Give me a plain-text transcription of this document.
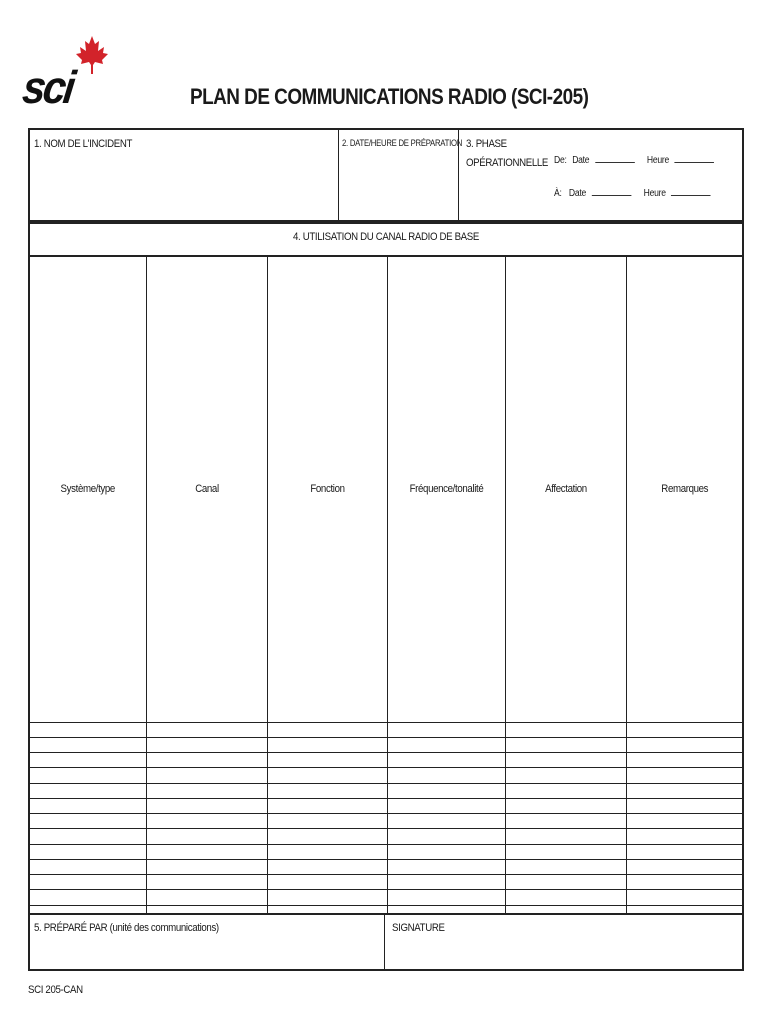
sci	PLAN DE COMMUNICATIONS RADIO (SCI-205)
1. NOM DE L'INCIDENT	2. DATE/HEURE DE PRÉPARATION 3. PHASE
OPÉRATIONNELLE De: Date	Heure
À: Date	Heure
4. UTILISATION DU CANAL RADIO DE BASE
Système/type	Canal	Fonction	Fréquence/tonalité	Affectation	Remarques

5. PRÉPARÉ PAR (unité des communications)	SIGNATURE
SCI 205-CAN
